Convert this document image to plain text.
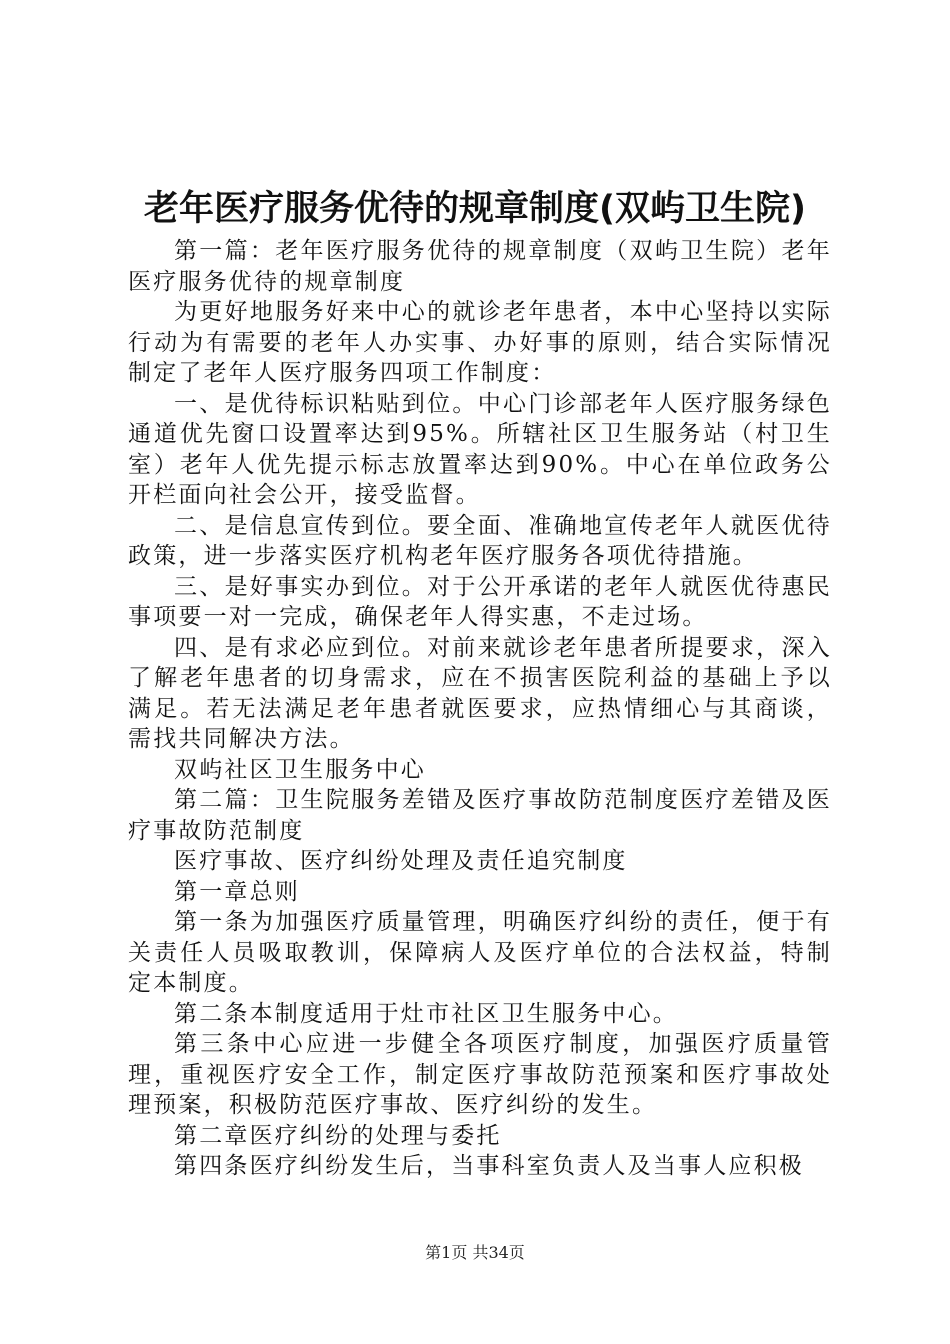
老年医疗服务优待的规章制度(双屿卫生院)

第一篇：老年医疗服务优待的规章制度（双屿卫生院）老年医疗服务优待的规章制度

为更好地服务好来中心的就诊老年患者，本中心坚持以实际行动为有需要的老年人办实事、办好事的原则，结合实际情况制定了老年人医疗服务四项工作制度：

一、是优待标识粘贴到位。中心门诊部老年人医疗服务绿色通道优先窗口设置率达到95%。所辖社区卫生服务站（村卫生室）老年人优先提示标志放置率达到90%。中心在单位政务公开栏面向社会公开，接受监督。

二、是信息宣传到位。要全面、准确地宣传老年人就医优待政策，进一步落实医疗机构老年医疗服务各项优待措施。

三、是好事实办到位。对于公开承诺的老年人就医优待惠民事项要一对一完成，确保老年人得实惠，不走过场。

四、是有求必应到位。对前来就诊老年患者所提要求，深入了解老年患者的切身需求，应在不损害医院利益的基础上予以满足。若无法满足老年患者就医要求，应热情细心与其商谈，需找共同解决方法。

双屿社区卫生服务中心

第二篇：卫生院服务差错及医疗事故防范制度医疗差错及医疗事故防范制度

医疗事故、医疗纠纷处理及责任追究制度

第一章总则

第一条为加强医疗质量管理，明确医疗纠纷的责任，便于有关责任人员吸取教训，保障病人及医疗单位的合法权益，特制定本制度。

第二条本制度适用于灶市社区卫生服务中心。

第三条中心应进一步健全各项医疗制度，加强医疗质量管理，重视医疗安全工作，制定医疗事故防范预案和医疗事故处理预案，积极防范医疗事故、医疗纠纷的发生。

第二章医疗纠纷的处理与委托

第四条医疗纠纷发生后，当事科室负责人及当事人应积极

第1页 共34页
